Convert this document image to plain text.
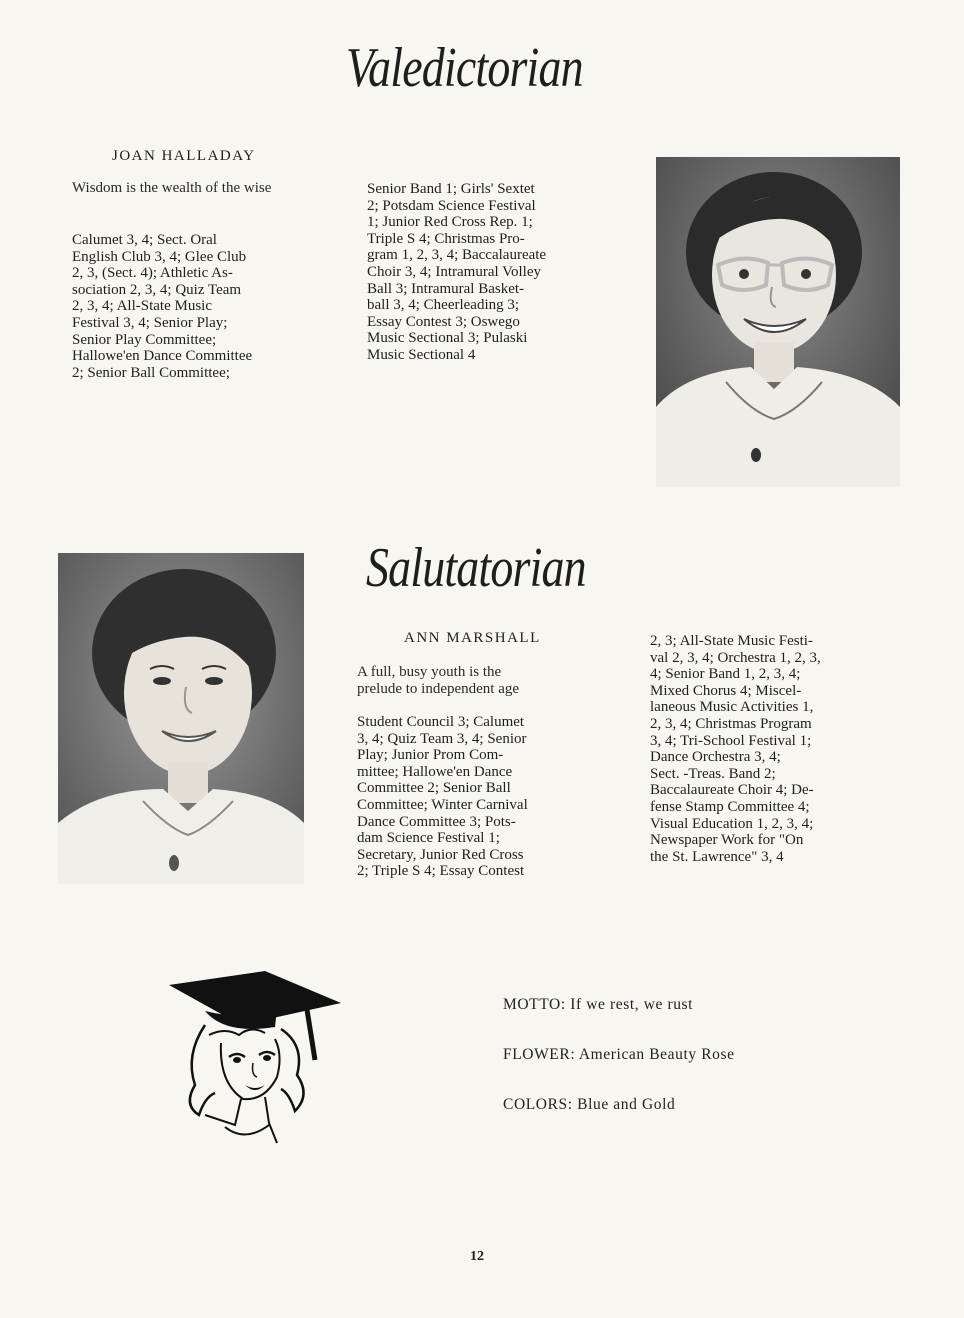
Valedictorian
JOAN HALLADAY
Wisdom is the wealth of the wise
Calumet 3, 4; Sect. Oral
English Club 3, 4; Glee Club
2, 3, (Sect. 4); Athletic As-
sociation 2, 3, 4; Quiz Team
2, 3, 4; All-State Music
Festival 3, 4; Senior Play;
Senior Play Committee;
Hallowe'en Dance Committee
2; Senior Ball Committee;
Senior Band 1; Girls' Sextet
2; Potsdam Science Festival
1; Junior Red Cross Rep. 1;
Triple S 4; Christmas Pro-
gram 1, 2, 3, 4; Baccalaureate
Choir 3, 4; Intramural Volley
Ball 3; Intramural Basket-
ball 3, 4; Cheerleading 3;
Essay Contest 3; Oswego
Music Sectional 3; Pulaski
Music Sectional 4
Salutatorian
ANN MARSHALL
A full, busy youth is the
prelude to independent age
Student Council 3; Calumet
3, 4; Quiz Team 3, 4; Senior
Play; Junior Prom Com-
mittee; Hallowe'en Dance
Committee 2; Senior Ball
Committee; Winter Carnival
Dance Committee 3; Pots-
dam Science Festival 1;
Secretary, Junior Red Cross
2; Triple S 4; Essay Contest
2, 3; All-State Music Festi-
val 2, 3, 4; Orchestra 1, 2, 3,
4; Senior Band 1, 2, 3, 4;
Mixed Chorus 4; Miscel-
laneous Music Activities 1,
2, 3, 4; Christmas Program
3, 4; Tri-School Festival 1;
Dance Orchestra 3, 4;
Sect. -Treas. Band 2;
Baccalaureate Choir 4; De-
fense Stamp Committee 4;
Visual Education 1, 2, 3, 4;
Newspaper Work for "On
the St. Lawrence" 3, 4
MOTTO: If we rest, we rust
FLOWER: American Beauty Rose
COLORS: Blue and Gold
12
